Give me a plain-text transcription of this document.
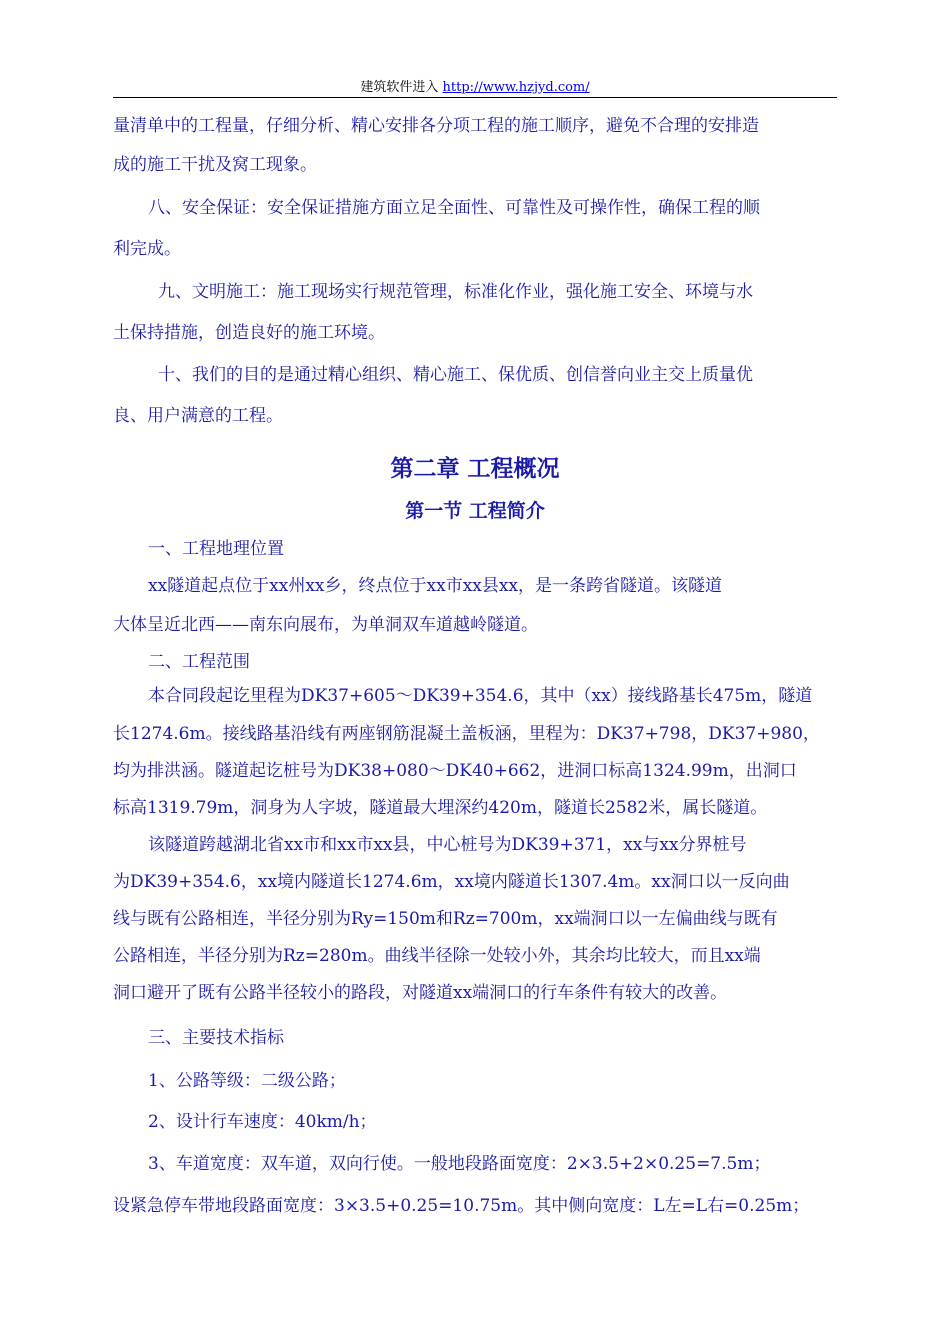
建筑软件进入 http://www.hzjyd.com/
量清单中的工程量，仔细分析、精心安排各分项工程的施工顺序，避免不合理的安排造
成的施工干扰及窝工现象。
八、安全保证：安全保证措施方面立足全面性、可靠性及可操作性，确保工程的顺
利完成。
九、文明施工：施工现场实行规范管理，标准化作业，强化施工安全、环境与水
土保持措施，创造良好的施工环境。
十、我们的目的是通过精心组织、精心施工、保优质、创信誉向业主交上质量优
良、用户满意的工程。
第二章 工程概况
第一节 工程简介
一、工程地理位置
xx隧道起点位于xx州xx乡，终点位于xx市xx县xx，是一条跨省隧道。该隧道
大体呈近北西——南东向展布，为单洞双车道越岭隧道。
二、工程范围
本合同段起讫里程为DK37+605～DK39+354.6，其中（xx）接线路基长475m，隧道
长1274.6m。接线路基沿线有两座钢筋混凝土盖板涵，里程为：DK37+798，DK37+980，
均为排洪涵。隧道起讫桩号为DK38+080～DK40+662，进洞口标高1324.99m，出洞口
标高1319.79m，洞身为人字坡，隧道最大埋深约420m，隧道长2582米，属长隧道。
该隧道跨越湖北省xx市和xx市xx县，中心桩号为DK39+371，xx与xx分界桩号
为DK39+354.6，xx境内隧道长1274.6m，xx境内隧道长1307.4m。xx洞口以一反向曲
线与既有公路相连，半径分别为Ry=150m和Rz=700m，xx端洞口以一左偏曲线与既有
公路相连，半径分别为Rz=280m。曲线半径除一处较小外，其余均比较大，而且xx端
洞口避开了既有公路半径较小的路段，对隧道xx端洞口的行车条件有较大的改善。
三、主要技术指标
1、公路等级：二级公路；
2、设计行车速度：40km/h；
3、车道宽度：双车道，双向行使。一般地段路面宽度：2×3.5+2×0.25=7.5m；
设紧急停车带地段路面宽度：3×3.5+0.25=10.75m。其中侧向宽度：L左=L右=0.25m；
